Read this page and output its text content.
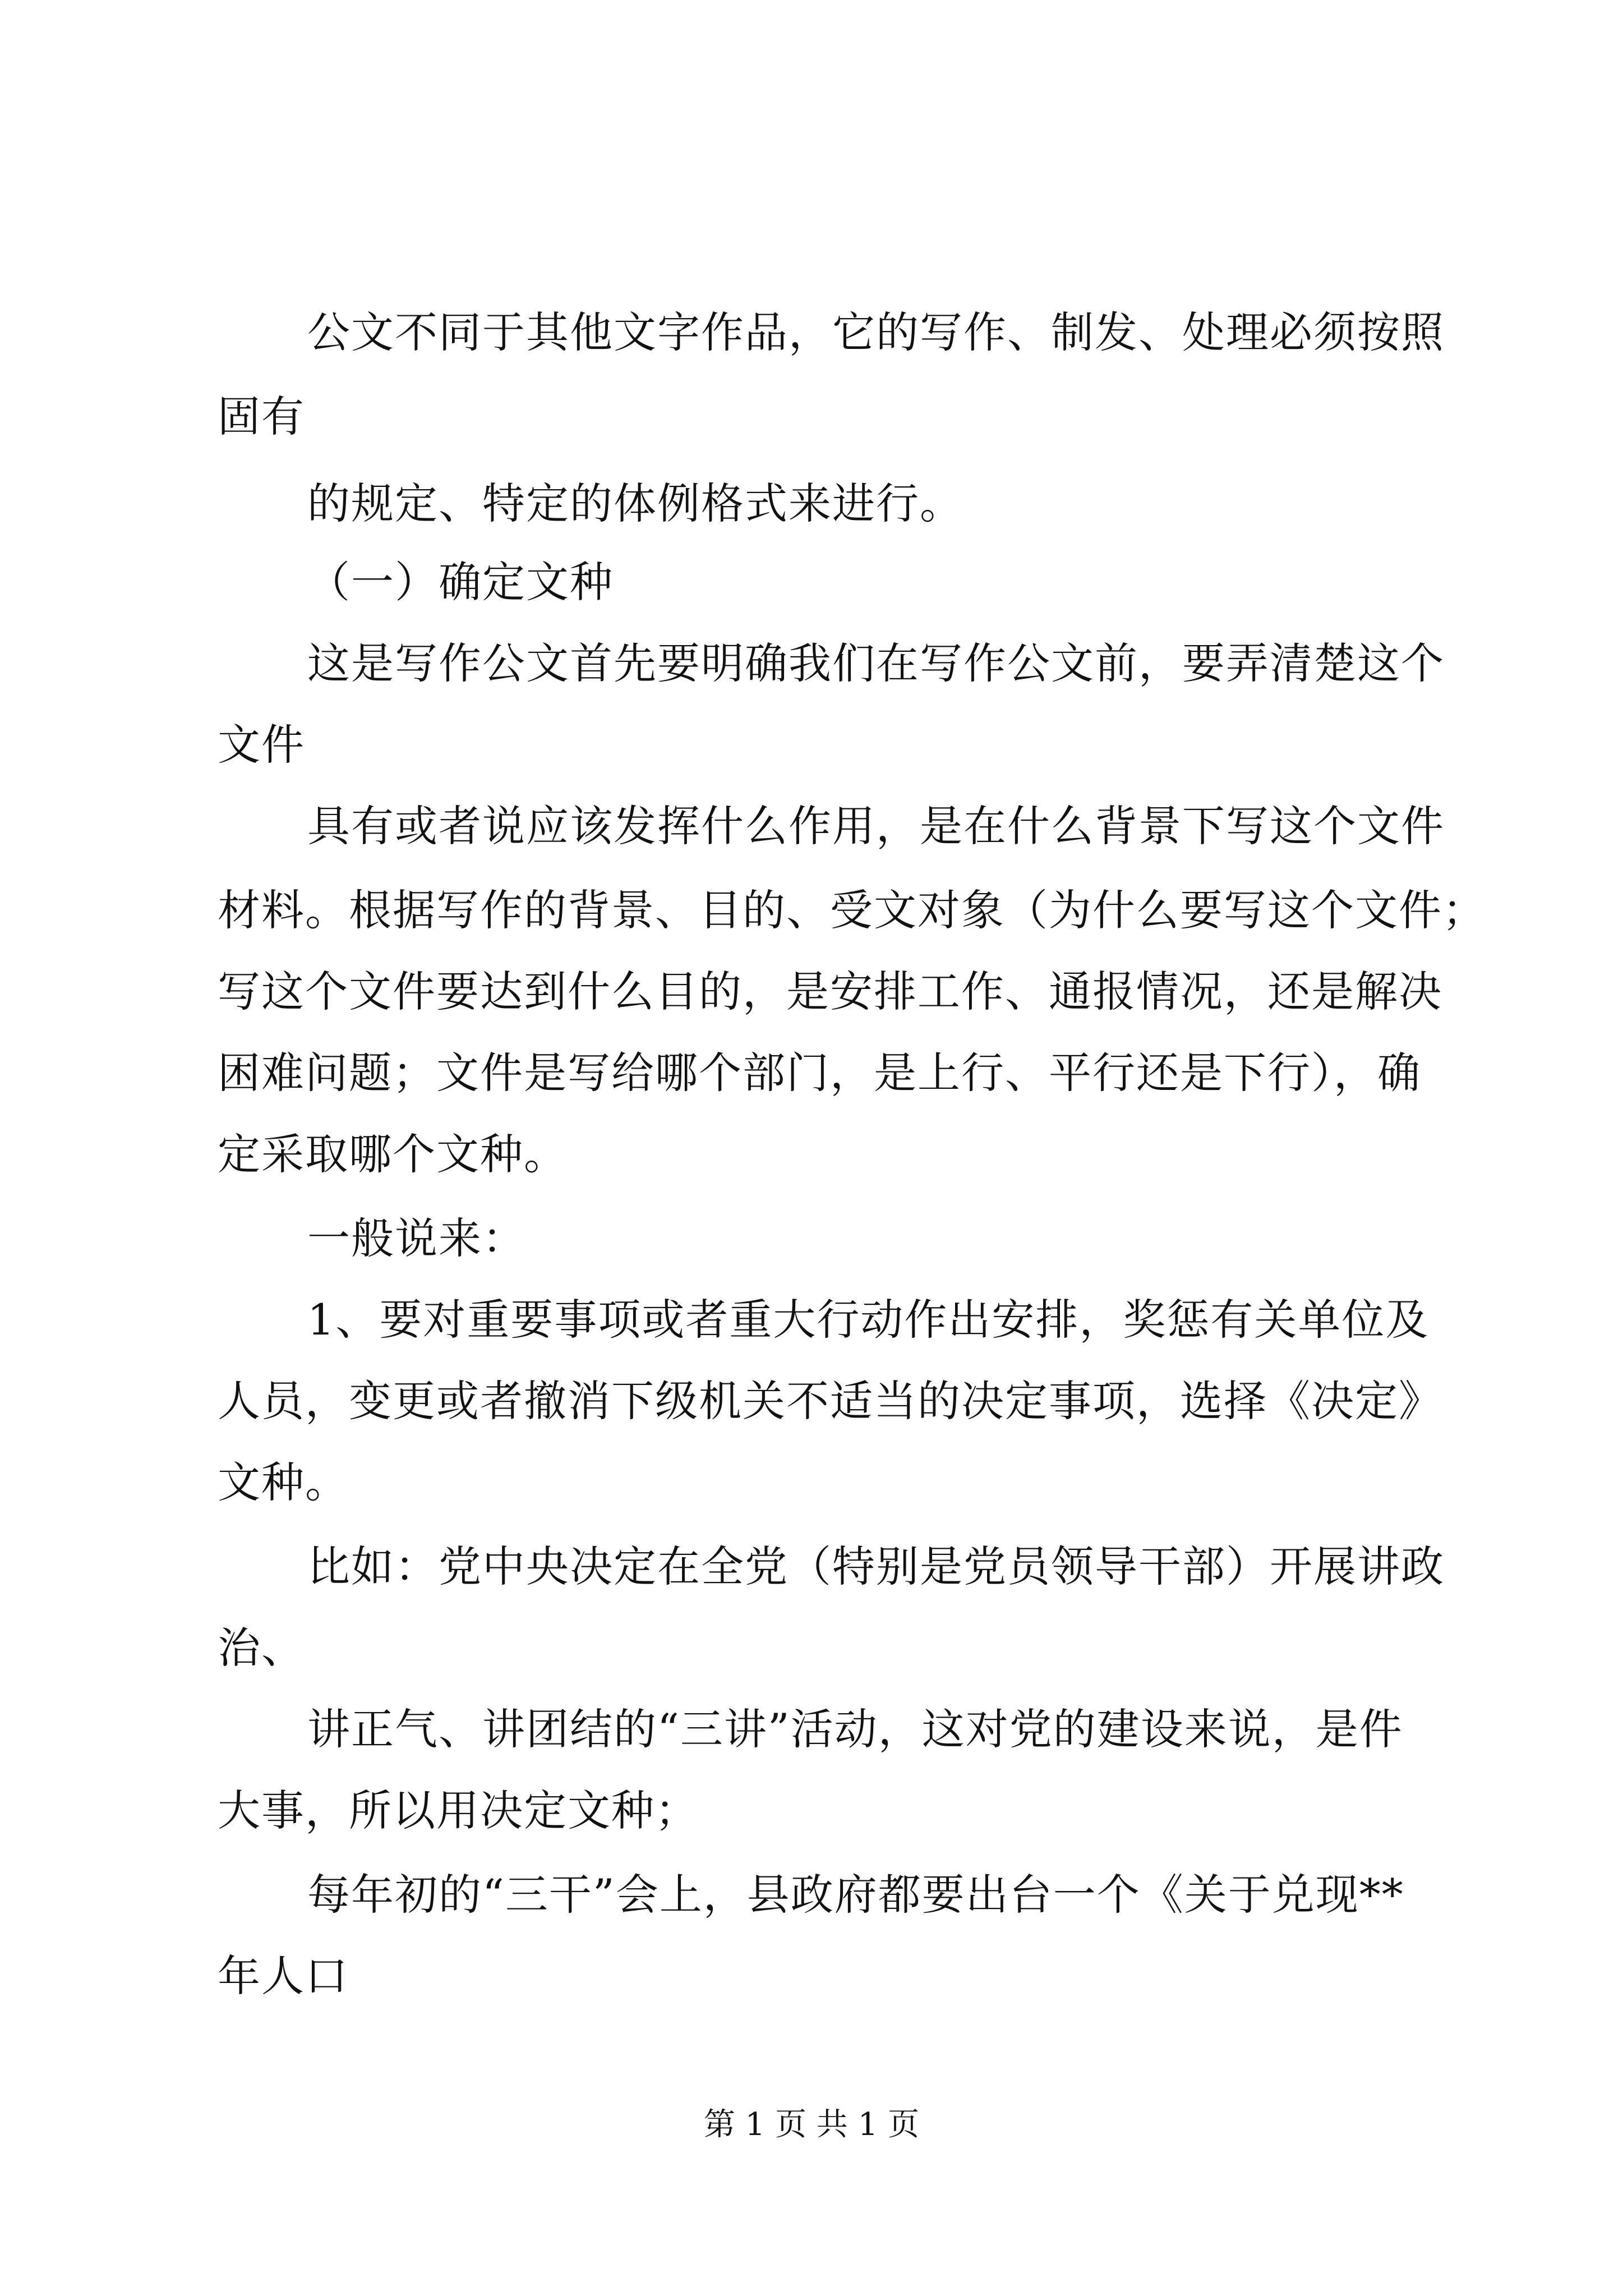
公文不同于其他文字作品，它的写作、制发、处理必须按照
固有
的规定、特定的体例格式来进行。
（一）确定文种
这是写作公文首先要明确我们在写作公文前，要弄清楚这个
文件
具有或者说应该发挥什么作用，是在什么背景下写这个文件
材料。根据写作的背景、目的、受文对象（为什么要写这个文件；
写这个文件要达到什么目的，是安排工作、通报情况，还是解决
困难问题；文件是写给哪个部门，是上行、平行还是下行），确
定采取哪个文种。
一般说来：
1、要对重要事项或者重大行动作出安排，奖惩有关单位及
人员，变更或者撤消下级机关不适当的决定事项，选择《决定》
文种。
比如：党中央决定在全党（特别是党员领导干部）开展讲政
治、
讲正气、讲团结的“三讲”活动，这对党的建设来说，是件
大事，所以用决定文种；
每年初的“三干”会上，县政府都要出台一个《关于兑现**
年人口
第 1 页 共 1 页
